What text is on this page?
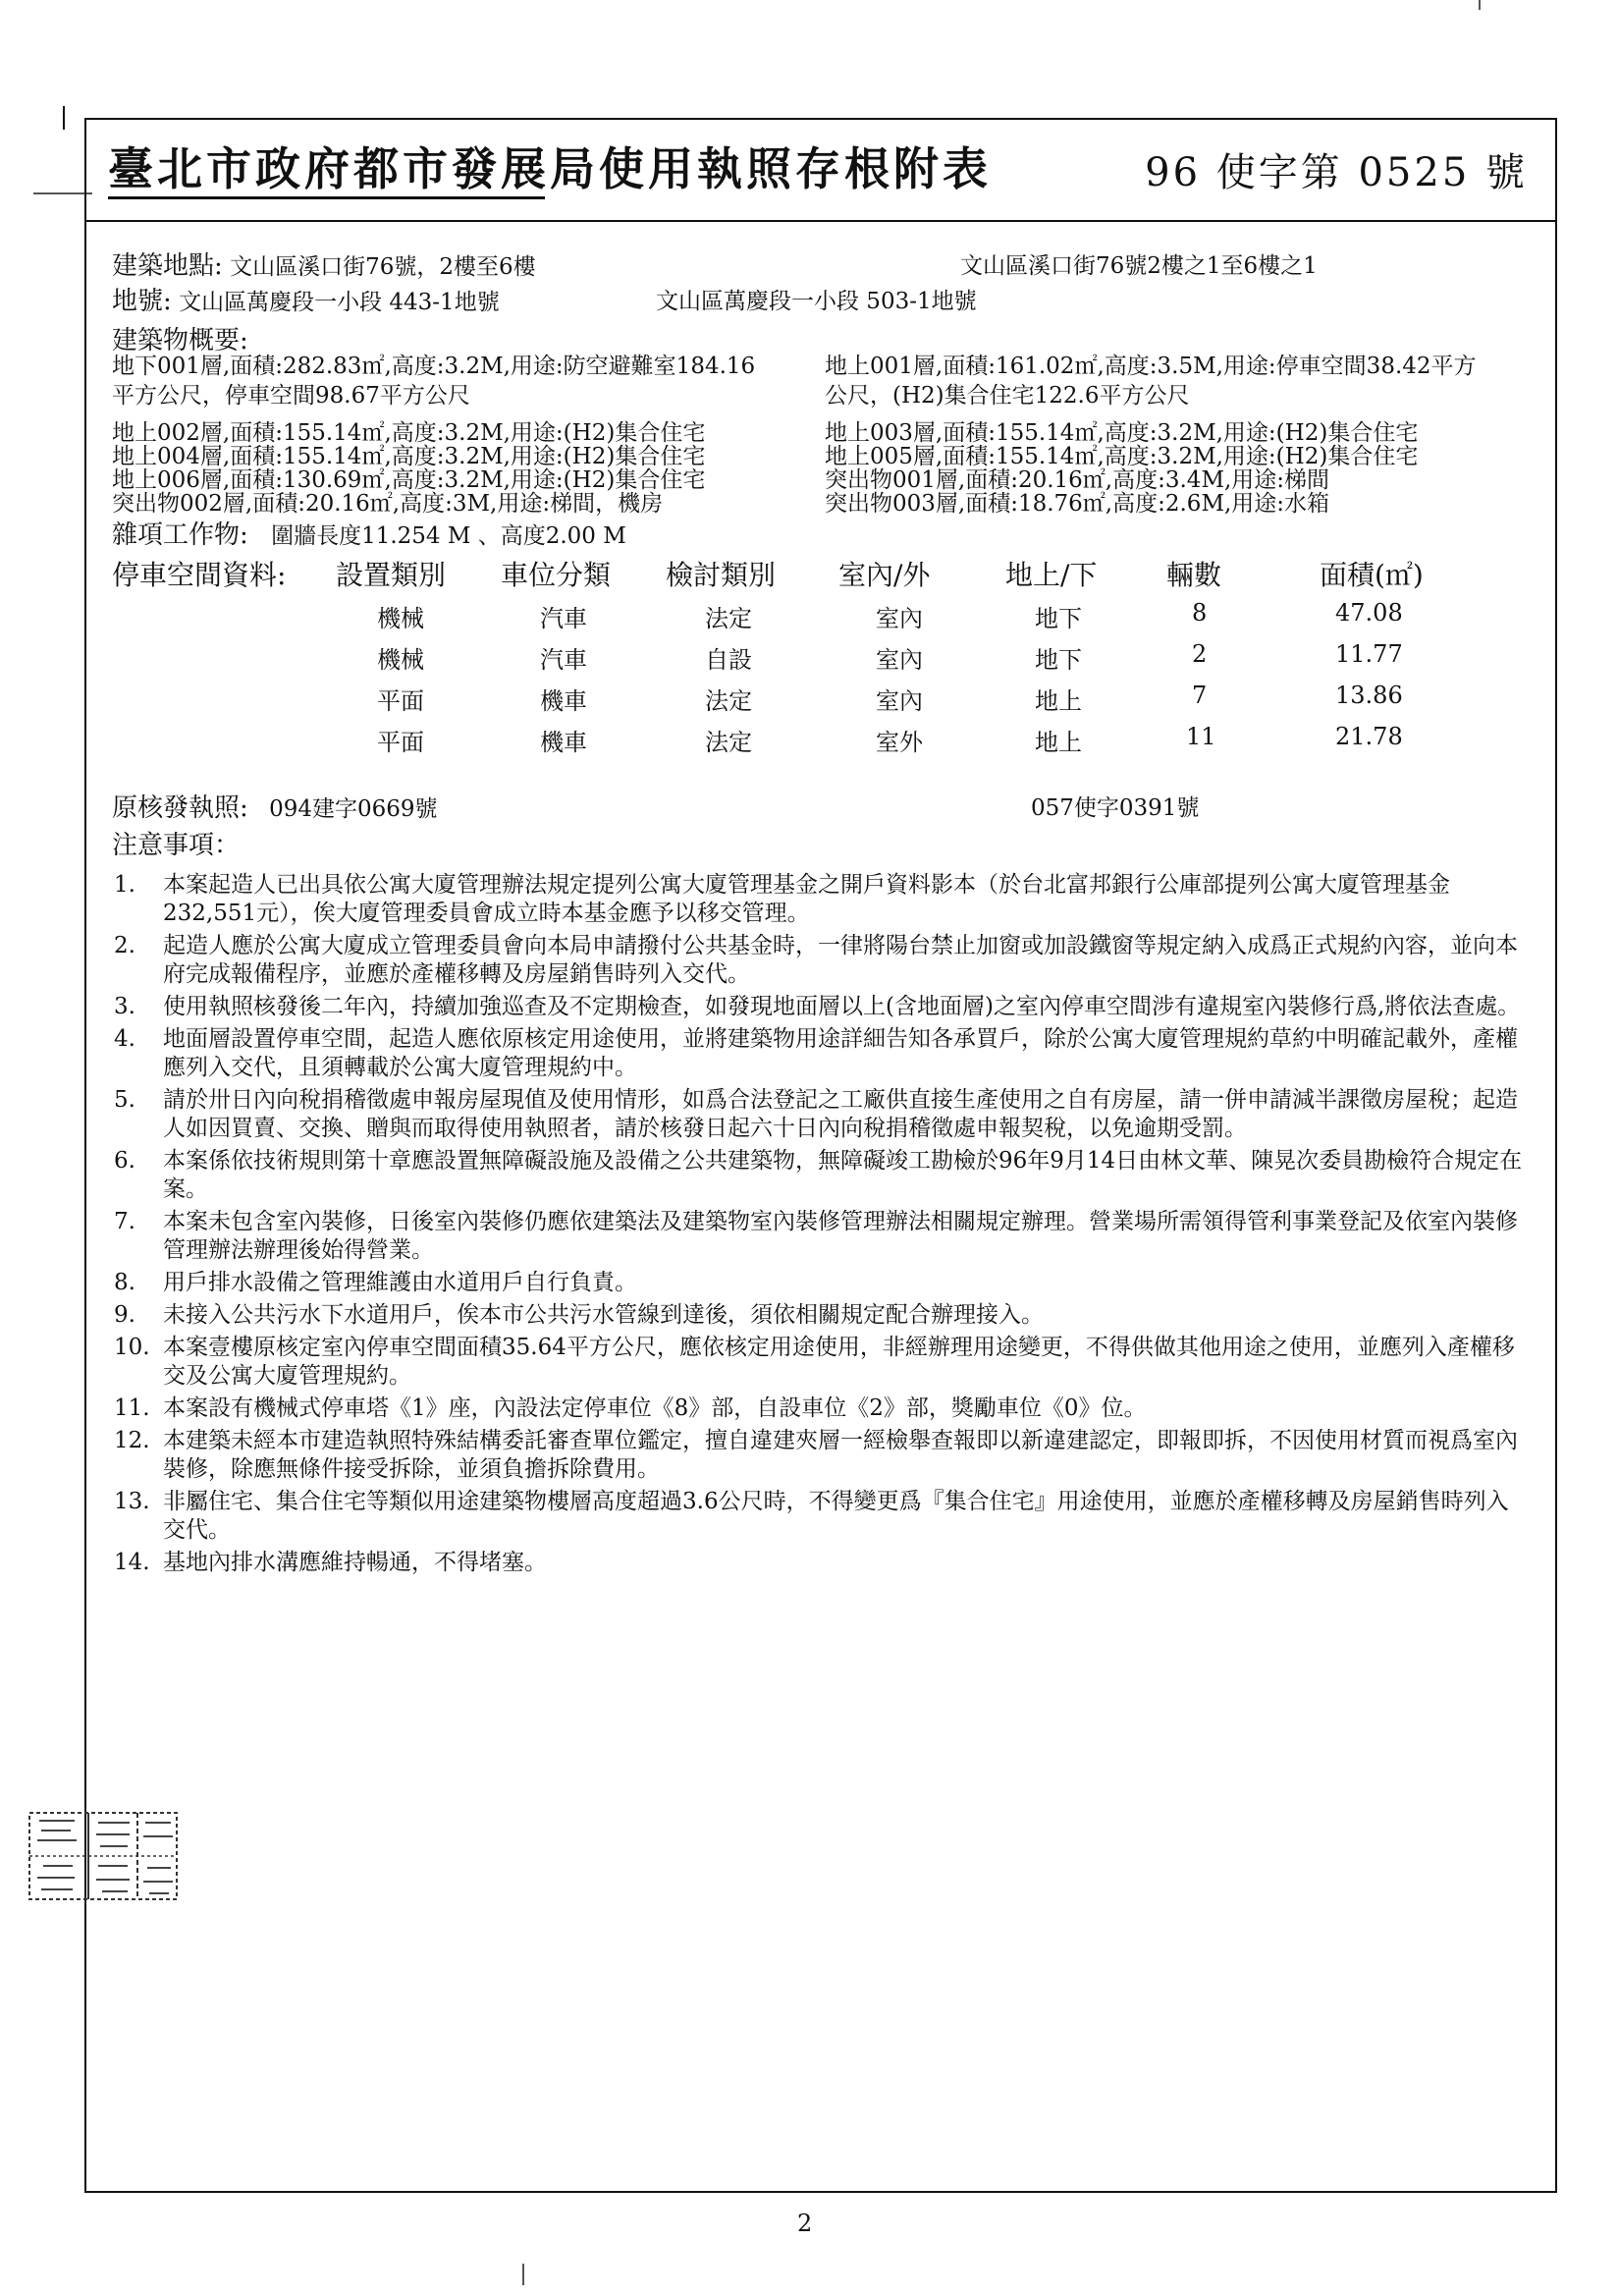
臺北市政府都市發展局使用執照存根附表	96 使字第 0525 號
建築地點: 文山區溪口街76號，2樓至6樓	文山區溪口街76號2樓之1至6樓之1
地號: 文山區萬慶段一小段 443-1地號	文山區萬慶段一小段 503-1地號
建築物概要:
地下001層,面積:282.83㎡,高度:3.2M,用途:防空避難室184.16
平方公尺，停車空間98.67平方公尺
地上002層,面積:155.14㎡,高度:3.2M,用途:(H2)集合住宅
地上004層,面積:155.14㎡,高度:3.2M,用途:(H2)集合住宅
地上006層,面積:130.69㎡,高度:3.2M,用途:(H2)集合住宅
突出物002層,面積:20.16㎡,高度:3M,用途:梯間，機房
地上001層,面積:161.02㎡,高度:3.5M,用途:停車空間38.42平方
公尺，(H2)集合住宅122.6平方公尺
地上003層,面積:155.14㎡,高度:3.2M,用途:(H2)集合住宅
地上005層,面積:155.14㎡,高度:3.2M,用途:(H2)集合住宅
突出物001層,面積:20.16㎡,高度:3.4M,用途:梯間
突出物003層,面積:18.76㎡,高度:2.6M,用途:水箱
雜項工作物: 圍牆長度11.254 M 、高度2.00 M
停車空間資料: 設置類別 車位分類 檢討類別 室內/外	地上/下	輛數	面積(㎡)
機械	汽車	法定	室內	地下	8	47.08
機械	汽車	自設	室內	地下	2	11.77
平面	機車	法定	室內	地上	7	13.86
平面	機車	法定	室外	地上	11	21.78
原核發執照: 094建字0669號	057使字0391號
注意事項：
1. 本案起造人已出具依公寓大廈管理辦法規定提列公寓大廈管理基金之開戶資料影本（於台北富邦銀行公庫部提列公寓大廈管理基金232,551元），俟大廈管理委員會成立時本基金應予以移交管理。
2. 起造人應於公寓大廈成立管理委員會向本局申請撥付公共基金時，一律將陽台禁止加窗或加設鐵窗等規定納入成爲正式規約內容，並向本府完成報備程序，並應於產權移轉及房屋銷售時列入交代。
3. 使用執照核發後二年內，持續加強巡查及不定期檢查，如發現地面層以上(含地面層)之室內停車空間涉有違規室內裝修行爲,將依法查處。
4. 地面層設置停車空間，起造人應依原核定用途使用，並將建築物用途詳細告知各承買戶，除於公寓大廈管理規約草約中明確記載外，產權應列入交代，且須轉載於公寓大廈管理規約中。
5. 請於卅日內向稅捐稽徵處申報房屋現值及使用情形，如爲合法登記之工廠供直接生產使用之自有房屋，請一併申請減半課徵房屋稅；起造人如因買賣、交換、贈與而取得使用執照者，請於核發日起六十日內向稅捐稽徵處申報契稅，以免逾期受罰。
6. 本案係依技術規則第十章應設置無障礙設施及設備之公共建築物，無障礙竣工勘檢於96年9月14日由林文華、陳晃次委員勘檢符合規定在案。
7. 本案未包含室內裝修，日後室內裝修仍應依建築法及建築物室內裝修管理辦法相關規定辦理。營業場所需領得管利事業登記及依室內裝修管理辦法辦理後始得營業。
8. 用戶排水設備之管理維護由水道用戶自行負責。
9. 未接入公共污水下水道用戶，俟本市公共污水管線到達後，須依相關規定配合辦理接入。
10. 本案壹樓原核定室內停車空間面積35.64平方公尺，應依核定用途使用，非經辦理用途變更，不得供做其他用途之使用，並應列入產權移交及公寓大廈管理規約。
11. 本案設有機械式停車塔《1》座，內設法定停車位《8》部，自設車位《2》部，獎勵車位《0》位。
12. 本建築未經本市建造執照特殊結構委託審查單位鑑定，擅自違建夾層一經檢舉查報即以新違建認定，即報即拆，不因使用材質而視爲室內裝修，除應無條件接受拆除，並須負擔拆除費用。
13. 非屬住宅、集合住宅等類似用途建築物樓層高度超過3.6公尺時，不得變更爲『集合住宅』用途使用，並應於產權移轉及房屋銷售時列入交代。
14. 基地內排水溝應維持暢通，不得堵塞。
2
